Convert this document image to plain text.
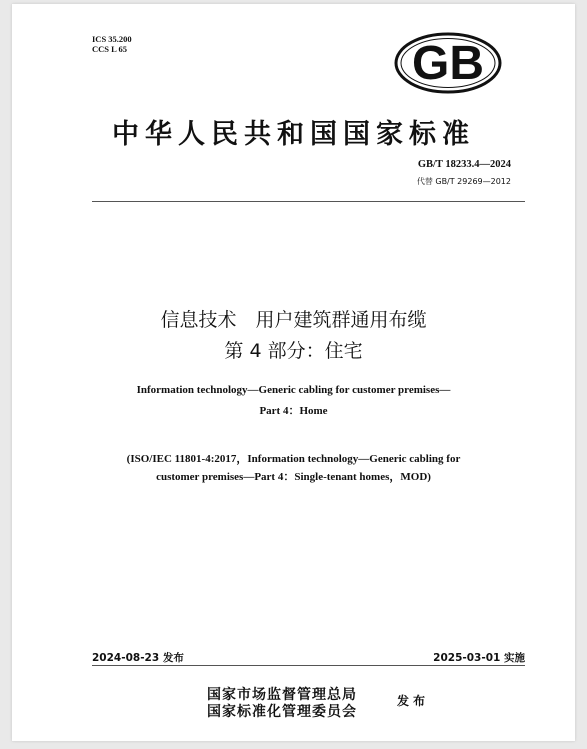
ICS 35.200
CCS L 65	GB
中华人民共和国国家标准
GB/T 18233.4—2024
代替 GB/T 29269—2012
信息技术　用户建筑群通用布缆
第 4 部分：住宅
Information technology—Generic cabling for customer premises—
Part 4：Home
(ISO/IEC 11801-4:2017，Information technology—Generic cabling for
customer premises—Part 4：Single-tenant homes，MOD)
2024-08-23 发布	2025-03-01 实施
国家市场监督管理总局
国家标准化管理委员会
发布
